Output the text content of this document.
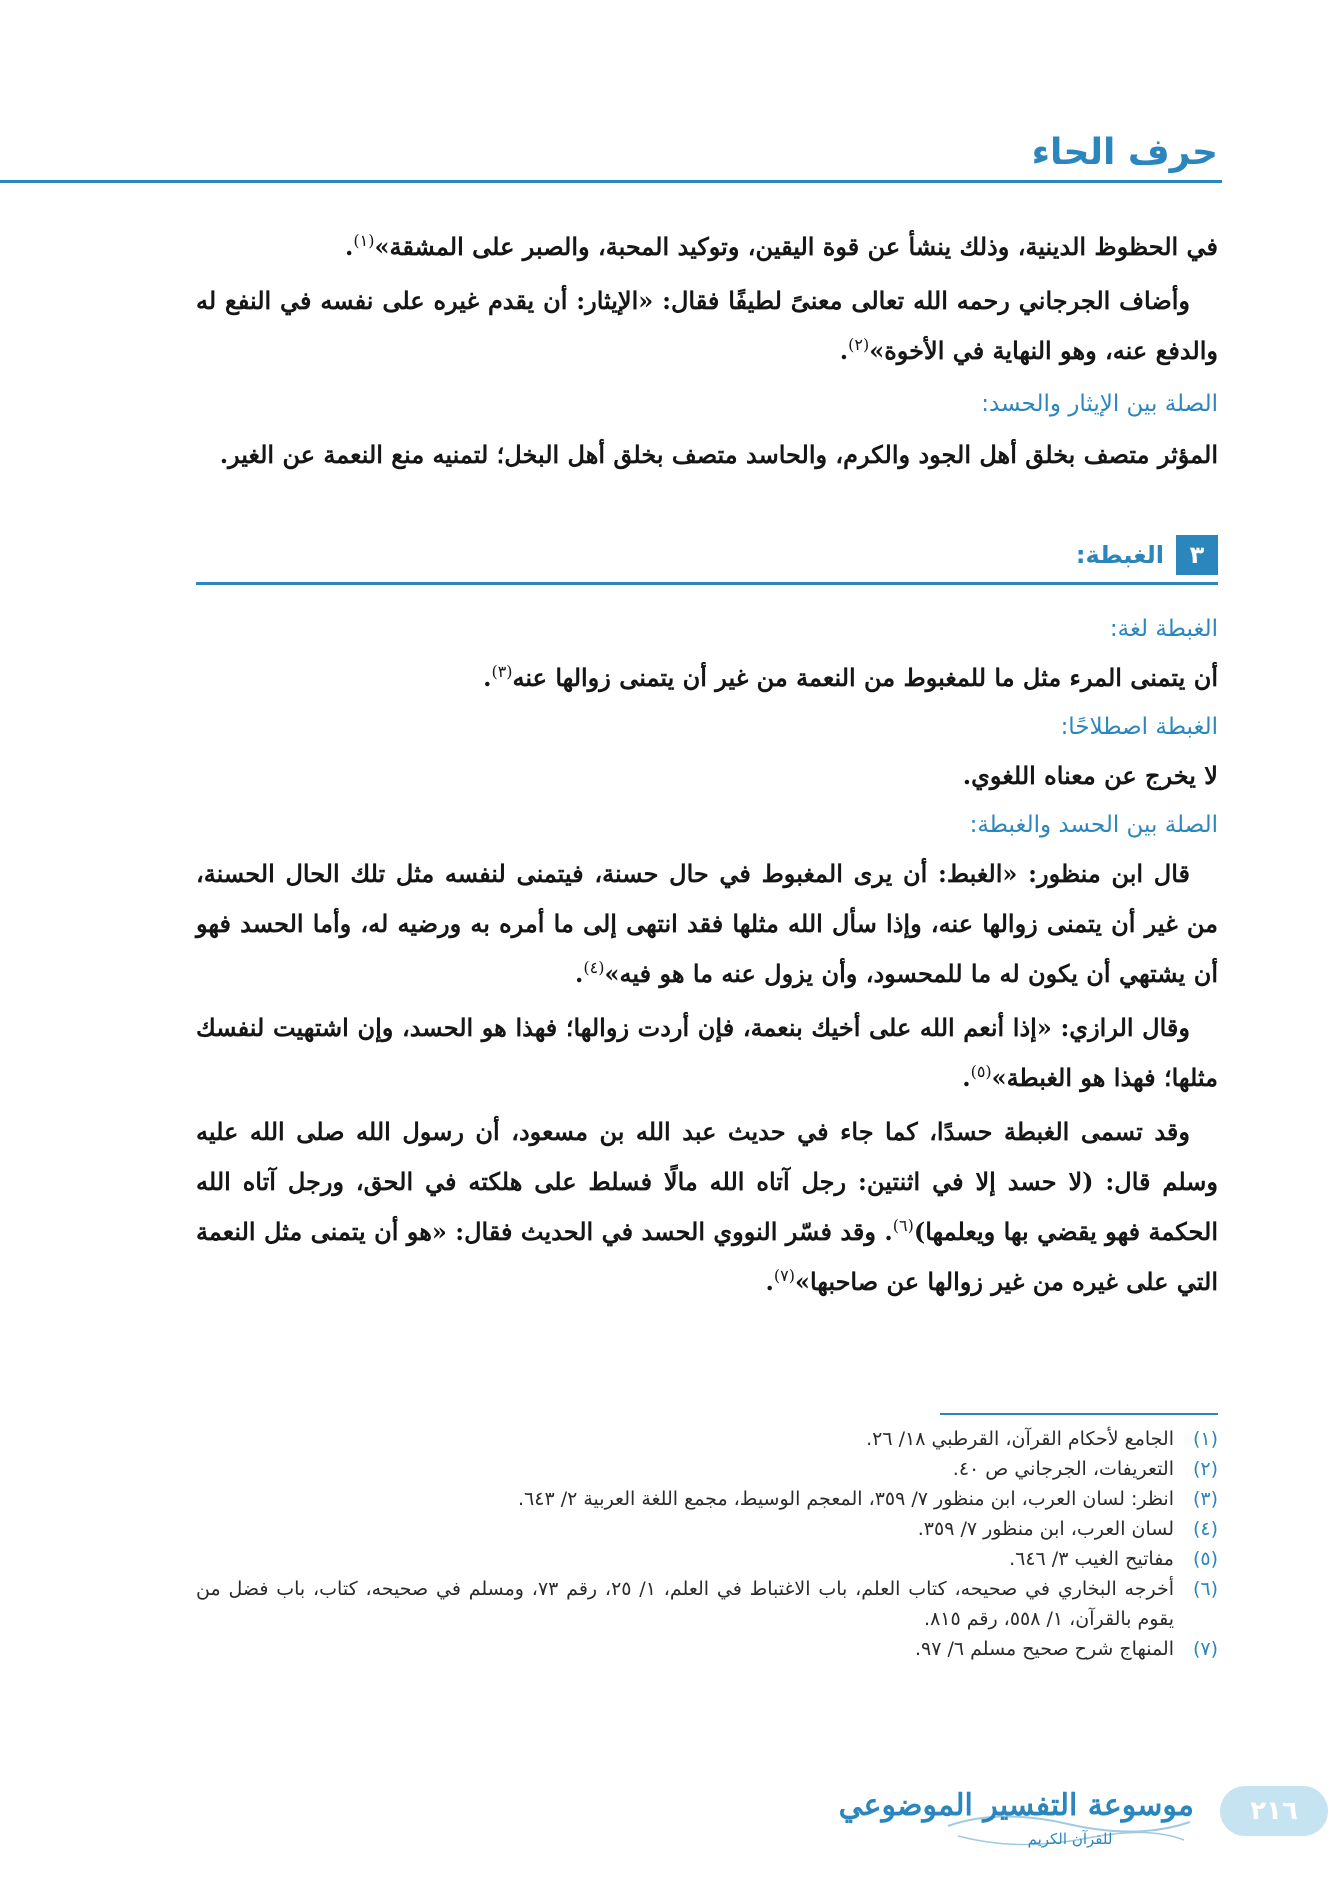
حرف الحاء

في الحظوظ الدينية، وذلك ينشأ عن قوة اليقين، وتوكيد المحبة، والصبر على المشقة»$^{(١)}$.

وأضاف الجرجاني رحمه الله تعالى معنىً لطيفًا فقال: «الإيثار: أن يقدم غيره على نفسه في النفع له والدفع عنه، وهو النهاية في الأخوة»$^{(٢)}$.

الصلة بين الإيثار والحسد:

المؤثر متصف بخلق أهل الجود والكرم، والحاسد متصف بخلق أهل البخل؛ لتمنيه منع النعمة عن الغير.

٣
الغبطة:

الغبطة لغة:

أن يتمنى المرء مثل ما للمغبوط من النعمة من غير أن يتمنى زوالها عنه$^{(٣)}$.

الغبطة اصطلاحًا:

لا يخرج عن معناه اللغوي.

الصلة بين الحسد والغبطة:

قال ابن منظور: «الغبط: أن يرى المغبوط في حال حسنة، فيتمنى لنفسه مثل تلك الحال الحسنة، من غير أن يتمنى زوالها عنه، وإذا سأل الله مثلها فقد انتهى إلى ما أمره به ورضيه له، وأما الحسد فهو أن يشتهي أن يكون له ما للمحسود، وأن يزول عنه ما هو فيه»$^{(٤)}$.

وقال الرازي: «إذا أنعم الله على أخيك بنعمة، فإن أردت زوالها؛ فهذا هو الحسد، وإن اشتهيت لنفسك مثلها؛ فهذا هو الغبطة»$^{(٥)}$.

وقد تسمى الغبطة حسدًا، كما جاء في حديث عبد الله بن مسعود، أن رسول الله صلى الله عليه وسلم قال: (لا حسد إلا في اثنتين: رجل آتاه الله مالًا فسلط على هلكته في الحق، ورجل آتاه الله الحكمة فهو يقضي بها ويعلمها)$^{(٦)}$. وقد فسّر النووي الحسد في الحديث فقال: «هو أن يتمنى مثل النعمة التي على غيره من غير زوالها عن صاحبها»$^{(٧)}$.

(١)
الجامع لأحكام القرآن، القرطبي ١٨/ ٢٦.
(٢)
التعريفات، الجرجاني ص ٤٠.
(٣)
انظر: لسان العرب، ابن منظور ٧/ ٣٥٩، المعجم الوسيط، مجمع اللغة العربية ٢/ ٦٤٣.
(٤)
لسان العرب، ابن منظور ٧/ ٣٥٩.
(٥)
مفاتيح الغيب ٣/ ٦٤٦.
(٦)
أخرجه البخاري في صحيحه، كتاب العلم، باب الاغتباط في العلم، ١/ ٢٥، رقم ٧٣، ومسلم في صحيحه، كتاب، باب فضل من يقوم بالقرآن، ١/ ٥٥٨، رقم ٨١٥.
(٧)
المنهاج شرح صحيح مسلم ٦/ ٩٧.
موسوعة التفسير الموضوعي
للقرآن الكريم
٢١٦
